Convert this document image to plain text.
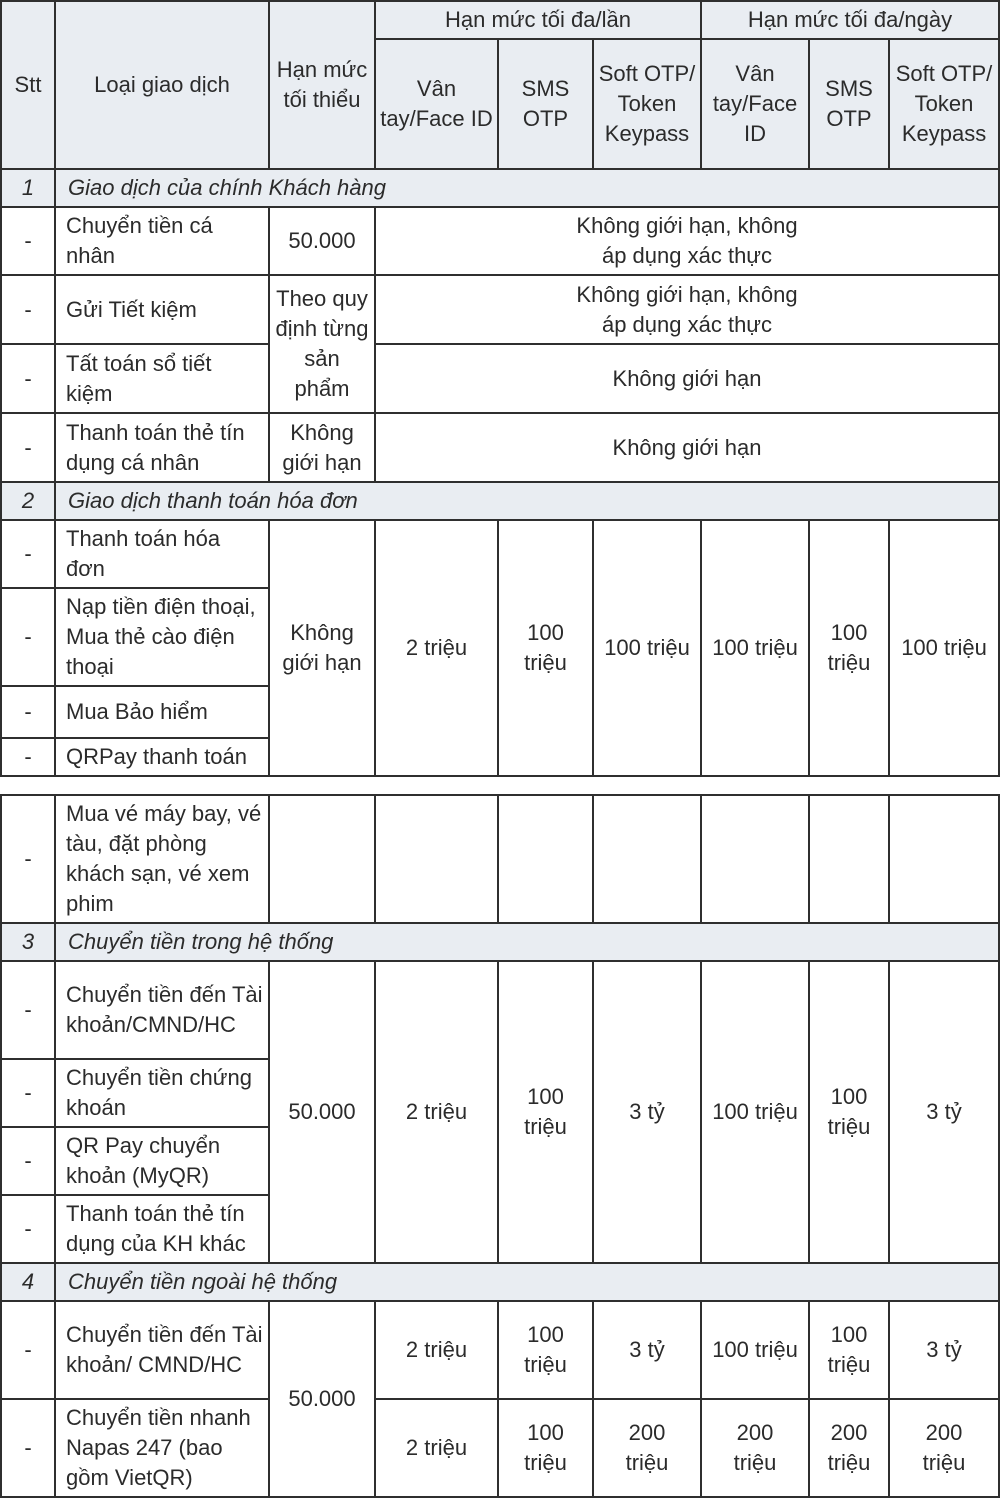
Stt	Loại giao dịch	Hạn mức tối thiểu	Hạn mức tối đa/lần			Hạn mức tối đa/ngày		
			Vân tay/Face ID	SMS OTP	Soft OTP/ Token Keypass	Vân tay/Face ID	SMS OTP	Soft OTP/ Token Keypass
1	Giao dịch của chính Khách hàng							
-	Chuyển tiền cá nhân	50.000	Không giới hạn, không áp dụng xác thực					
-	Gửi Tiết kiệm	Theo quy định từng sản phẩm	Không giới hạn, không áp dụng xác thực					
-	Tất toán sổ tiết kiệm		Không giới hạn					
-	Thanh toán thẻ tín dụng cá nhân	Không giới hạn	Không giới hạn					
2	Giao dịch thanh toán hóa đơn							
-	Thanh toán hóa đơn	Không giới hạn	2 triệu	100 triệu	100 triệu	100 triệu	100 triệu	100 triệu
-	Nạp tiền điện thoại, Mua thẻ cào điện thoại							
-	Mua Bảo hiểm							
-	QRPay thanh toán							
-	Mua vé máy bay, vé tàu, đặt phòng khách sạn, vé xem phim							
3	Chuyển tiền trong hệ thống							
-	Chuyển tiền đến Tài khoản/CMND/HC	50.000	2 triệu	100 triệu	3 tỷ	100 triệu	100 triệu	3 tỷ
-	Chuyển tiền chứng khoán							
-	QR Pay chuyển khoản (MyQR)							
-	Thanh toán thẻ tín dụng của KH khác							
4	Chuyển tiền ngoài hệ thống							
-	Chuyển tiền đến Tài khoản/ CMND/HC	50.000	2 triệu	100 triệu	3 tỷ	100 triệu	100 triệu	3 tỷ
-	Chuyển tiền nhanh Napas 247 (bao gồm VietQR)		2 triệu	100 triệu	200 triệu	200 triệu	200 triệu	200 triệu
